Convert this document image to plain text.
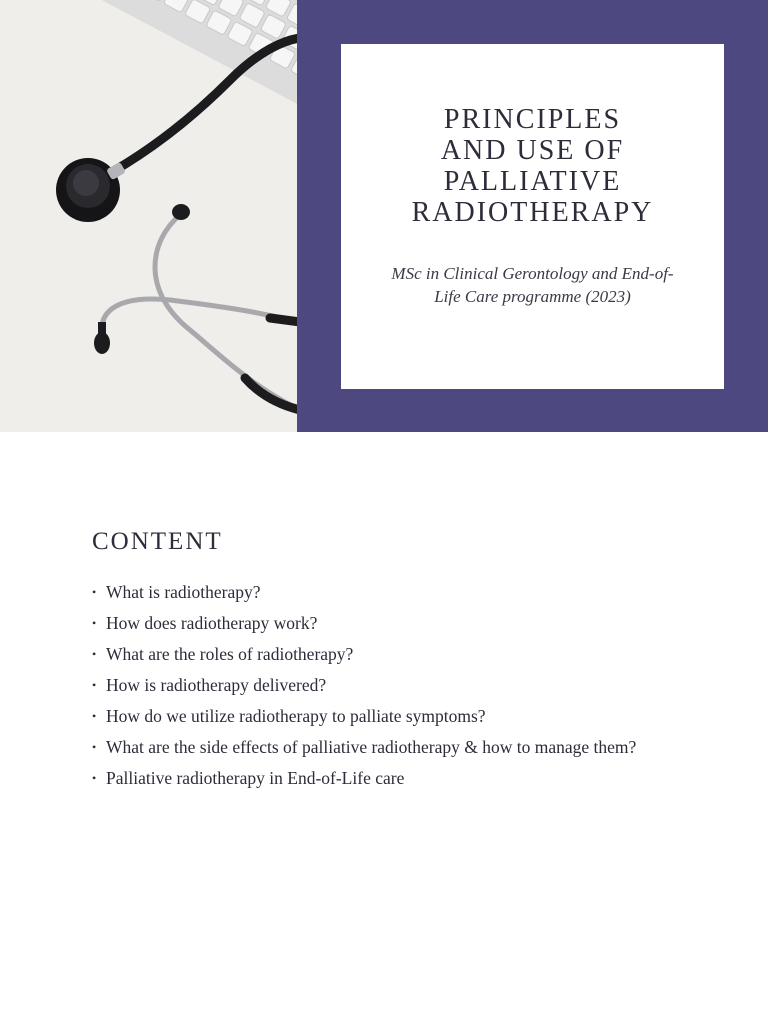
PRINCIPLES AND USE OF PALLIATIVE RADIOTHERAPY

MSc in Clinical Gerontology and End-of-Life Care programme (2023)

CONTENT
• What is radiotherapy?
• How does radiotherapy work?
• What are the roles of radiotherapy?
• How is radiotherapy delivered?
• How do we utilize radiotherapy to palliate symptoms?
• What are the side effects of palliative radiotherapy & how to manage them?
• Palliative radiotherapy in End-of-Life care
